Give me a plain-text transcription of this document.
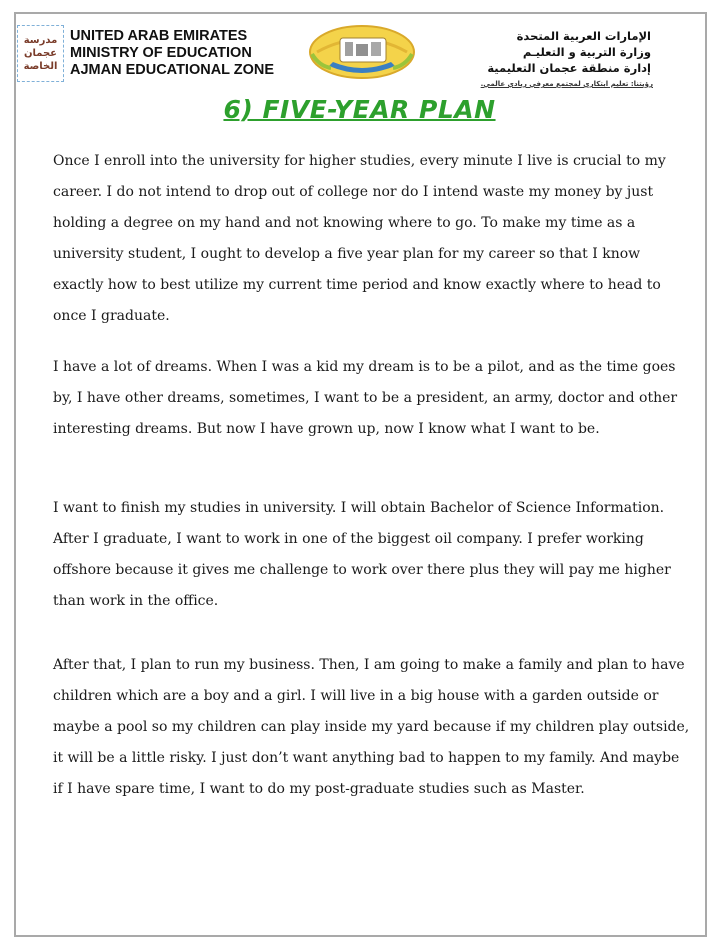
مدرسة
عجمان
الخاصة
UNITED ARAB EMIRATES
MINISTRY OF EDUCATION
AJMAN EDUCATIONAL ZONE
الإمارات العربية المتحدة
وزارة التربية و التعليـم
إدارة منطقة عجمان التعليمية
رؤيتنا: تعليم ابتكاري لمجتمع معرفي ريادي عالمي.
6) FIVE-YEAR PLAN

Once I enroll into the university for higher studies, every minute I live is crucial to my career. I do not intend to drop out of college nor do I intend waste my money by just holding a degree on my hand and not knowing where to go. To make my time as a university student, I ought to develop a five year plan for my career so that I know exactly how to best utilize my current time period and know exactly where to head to once I graduate.

I have a lot of dreams. When I was a kid my dream is to be a pilot, and as the time goes by, I have other dreams, sometimes, I want to be a president, an army, doctor and other interesting dreams. But now I have grown up, now I know what I want to be.

I want to finish my studies in university. I will obtain Bachelor of Science Information. After I graduate, I want to work in one of the biggest oil company. I prefer working offshore because it gives me challenge to work over there plus they will pay me higher than work in the office.

After that, I plan to run my business. Then, I am going to make a family and plan to have children which are a boy and a girl. I will live in a big house with a garden outside or maybe a pool so my children can play inside my yard because if my children play outside, it will be a little risky. I just don’t want anything bad to happen to my family. And maybe if I have spare time, I want to do my post-graduate studies such as Master.
